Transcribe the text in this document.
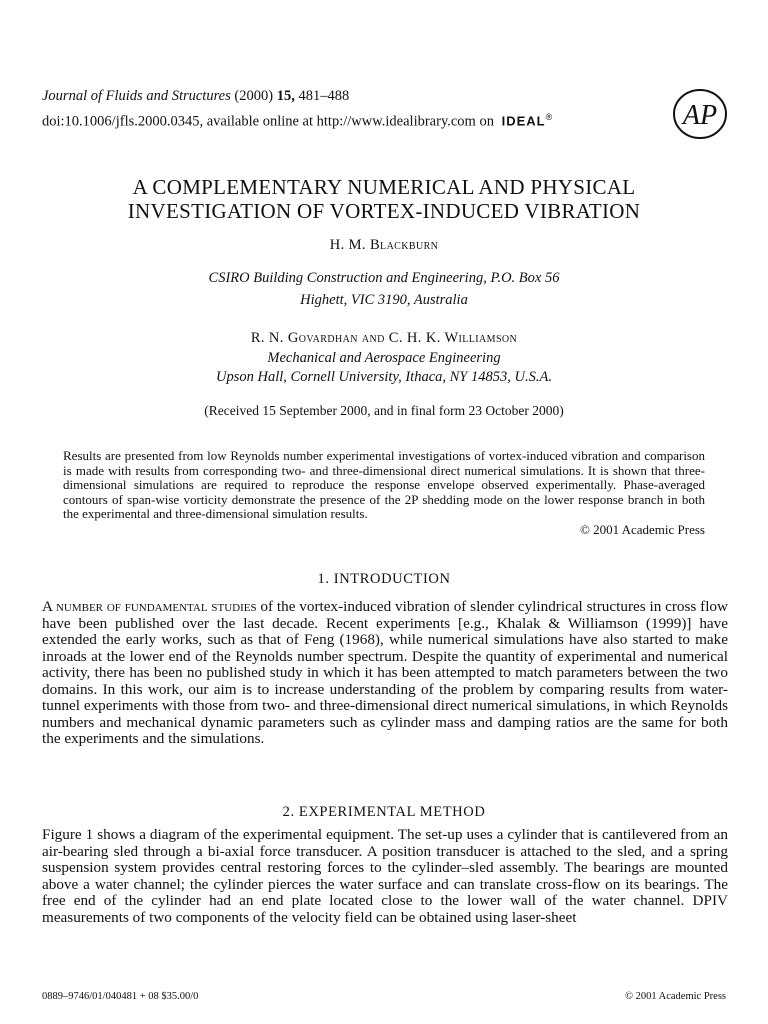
Journal of Fluids and Structures (2000) 15, 481–488
doi:10.1006/jfls.2000.0345, available online at http://www.idealibrary.com on IDEAL®	AP
A COMPLEMENTARY NUMERICAL AND PHYSICAL
INVESTIGATION OF VORTEX-INDUCED VIBRATION
H. M. Blackburn
CSIRO Building Construction and Engineering, P.O. Box 56
Highett, VIC 3190, Australia
R. N. Govardhan and C. H. K. Williamson
Mechanical and Aerospace Engineering
Upson Hall, Cornell University, Ithaca, NY 14853, U.S.A.
(Received 15 September 2000, and in final form 23 October 2000)
Results are presented from low Reynolds number experimental investigations of vortex-induced vibration and comparison is made with results from corresponding two- and three-dimensional direct numerical simulations. It is shown that three-dimensional simulations are required to reproduce the response envelope observed experimentally. Phase-averaged contours of span-wise vorticity demonstrate the presence of the 2P shedding mode on the lower response branch in both the experimental and three-dimensional simulation results.
© 2001 Academic Press
1. INTRODUCTION
A number of fundamental studies of the vortex-induced vibration of slender cylindrical structures in cross flow have been published over the last decade. Recent experiments [e.g., Khalak & Williamson (1999)] have extended the early works, such as that of Feng (1968), while numerical simulations have also started to make inroads at the lower end of the Reynolds number spectrum. Despite the quantity of experimental and numerical activity, there has been no published study in which it has been attempted to match parameters between the two domains. In this work, our aim is to increase understanding of the problem by comparing results from water-tunnel experiments with those from two- and three-dimensional direct numerical simulations, in which Reynolds numbers and mechanical dynamic parameters such as cylinder mass and damping ratios are the same for both the experiments and the simulations.
2. EXPERIMENTAL METHOD
Figure 1 shows a diagram of the experimental equipment. The set-up uses a cylinder that is cantilevered from an air-bearing sled through a bi-axial force transducer. A position transducer is attached to the sled, and a spring suspension system provides central restoring forces to the cylinder–sled assembly. The bearings are mounted above a water channel; the cylinder pierces the water surface and can translate cross-flow on its bearings. The free end of the cylinder had an end plate located close to the lower wall of the water channel. DPIV measurements of two components of the velocity field can be obtained using laser-sheet
0889–9746/01/040481 + 08 $35.00/0	© 2001 Academic Press
